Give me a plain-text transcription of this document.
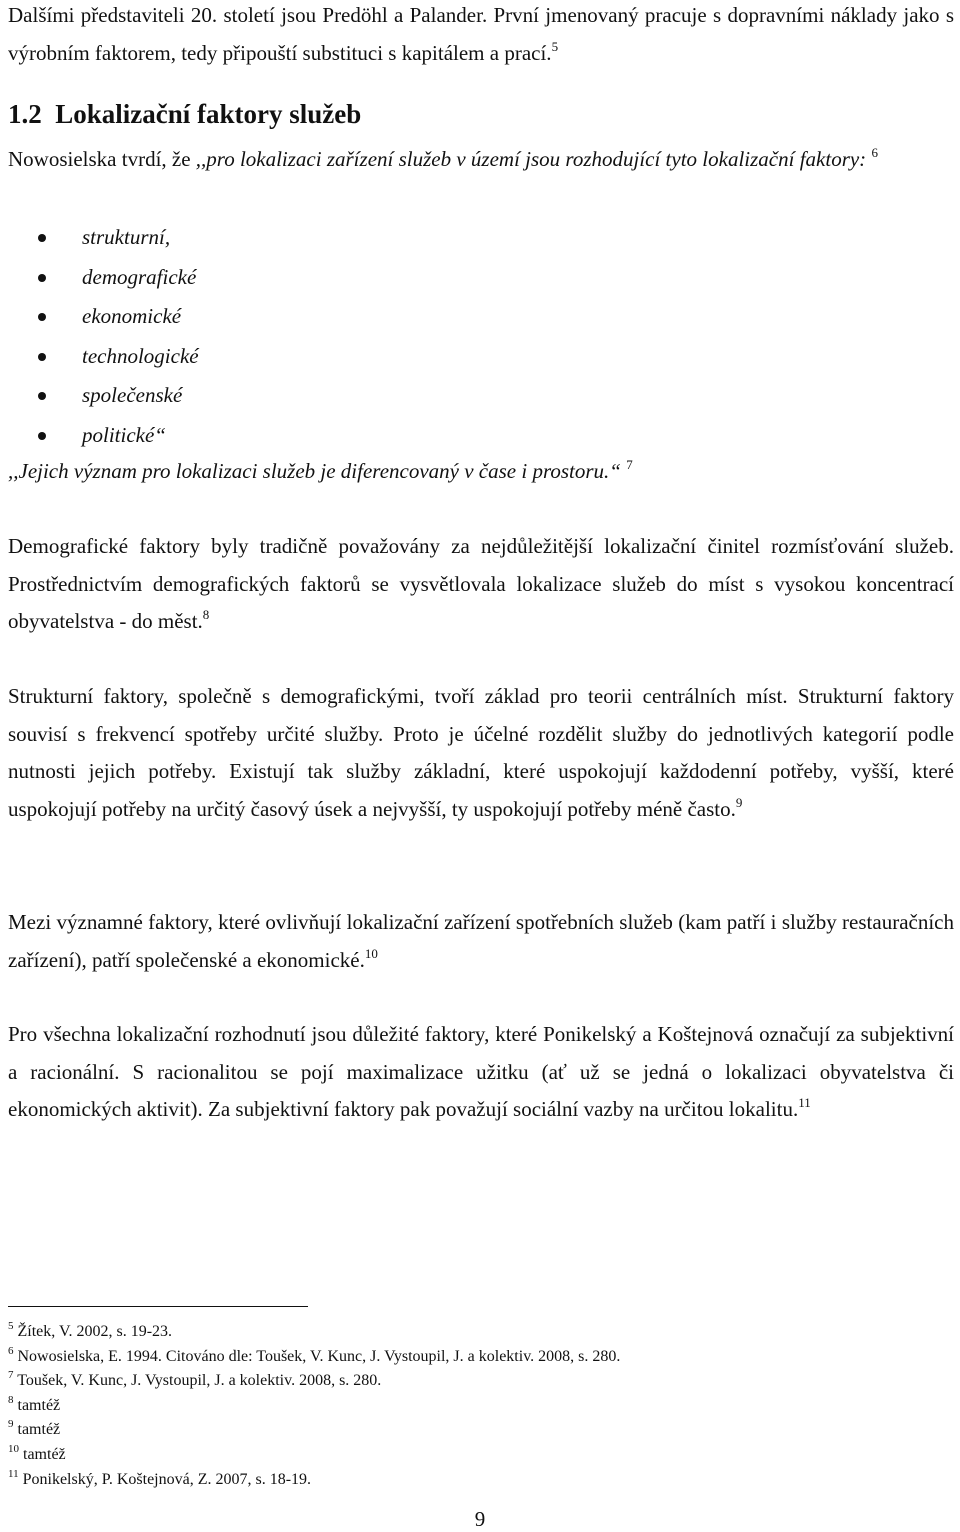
Dalšími představiteli 20. století jsou Predöhl a Palander. První jmenovaný pracuje s dopravními náklady jako s výrobním faktorem, tedy připouští substituci s kapitálem a prací.$^5$

1.2 Lokalizační faktory služeb

Nowosielska tvrdí, že ,,pro lokalizaci zařízení služeb v území jsou rozhodující tyto lokalizační faktory: $^6$

strukturní,
demografické
ekonomické
technologické
společenské
politické“

,,Jejich význam pro lokalizaci služeb je diferencovaný v čase i prostoru.“ $^7$

Demografické faktory byly tradičně považovány za nejdůležitější lokalizační činitel rozmísťování služeb. Prostřednictvím demografických faktorů se vysvětlovala lokalizace služeb do míst s vysokou koncentrací obyvatelstva - do měst.$^8$

Strukturní faktory, společně s demografickými, tvoří základ pro teorii centrálních míst. Strukturní faktory souvisí s frekvencí spotřeby určité služby. Proto je účelné rozdělit služby do jednotlivých kategorií podle nutnosti jejich potřeby. Existují tak služby základní, které uspokojují každodenní potřeby, vyšší, které uspokojují potřeby na určitý časový úsek a nejvyšší, ty uspokojují potřeby méně často.$^9$

Mezi významné faktory, které ovlivňují lokalizační zařízení spotřebních služeb (kam patří i služby restauračních zařízení), patří společenské a ekonomické.$^{10}$

Pro všechna lokalizační rozhodnutí jsou důležité faktory, které Ponikelský a Koštejnová označují za subjektivní a racionální. S racionalitou se pojí maximalizace užitku (ať už se jedná o lokalizaci obyvatelstva či ekonomických aktivit). Za subjektivní faktory pak považují sociální vazby na určitou lokalitu.$^{11}$

$^5$ Žítek, V. 2002, s. 19-23.

$^6$ Nowosielska, E. 1994. Citováno dle: Toušek, V. Kunc, J. Vystoupil, J. a kolektiv. 2008, s. 280.

$^7$ Toušek, V. Kunc, J. Vystoupil, J. a kolektiv. 2008, s. 280.

$^8$ tamtéž

$^9$ tamtéž

$^{10}$ tamtéž

$^{11}$ Ponikelský, P. Koštejnová, Z. 2007, s. 18-19.

9
